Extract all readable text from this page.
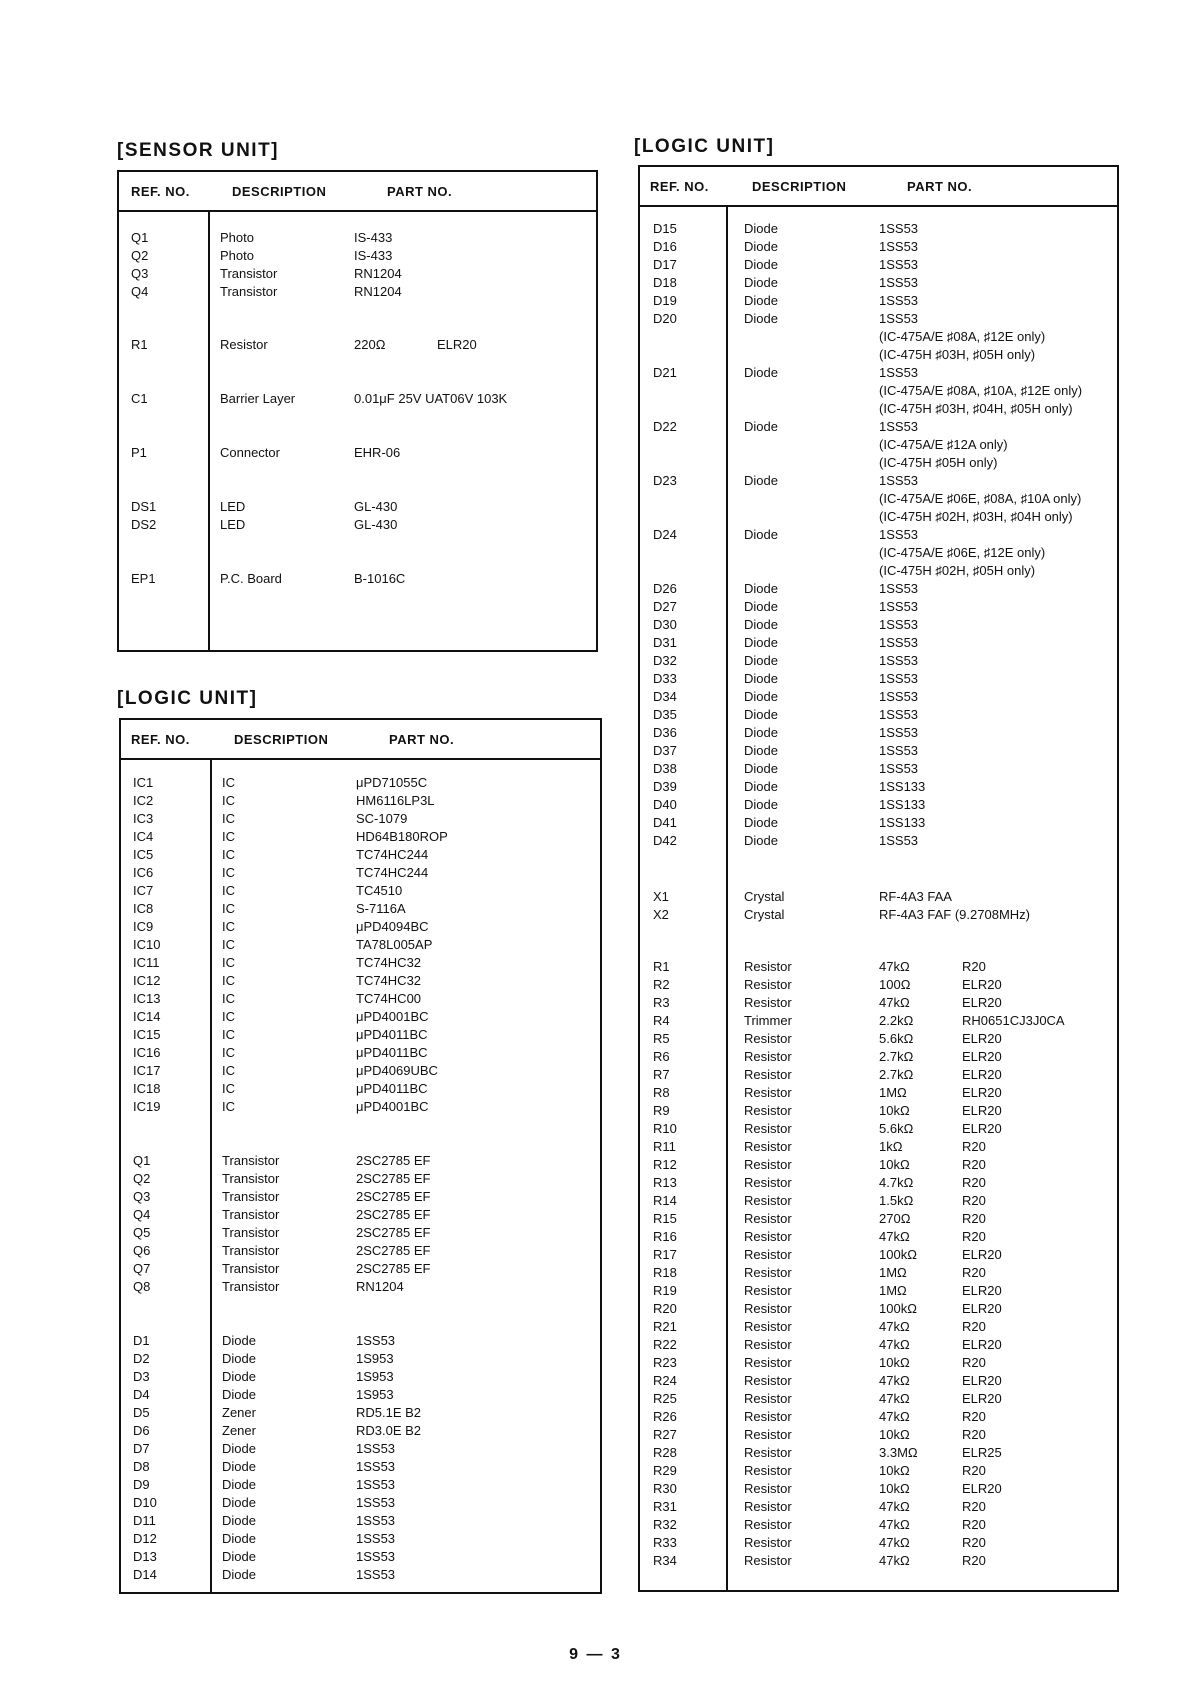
[SENSOR UNIT]
REF. NO.	DESCRIPTION	PART NO.
Q1	Photo	IS-433
Q2	Photo	IS-433
Q3	Transistor	RN1204
Q4	Transistor	RN1204
R1	Resistor	220Ω	ELR20
C1	Barrier Layer	0.01μF 25V UAT06V 103K
P1	Connector	EHR-06
DS1	LED	GL-430
DS2	LED	GL-430
EP1	P.C. Board	B-1016C
[LOGIC UNIT]
REF. NO.	DESCRIPTION	PART NO.
IC1	IC	μPD71055C
IC2	IC	HM6116LP3L
IC3	IC	SC-1079
IC4	IC	HD64B180ROP
IC5	IC	TC74HC244
IC6	IC	TC74HC244
IC7	IC	TC4510
IC8	IC	S-7116A
IC9	IC	μPD4094BC
IC10	IC	TA78L005AP
IC11	IC	TC74HC32
IC12	IC	TC74HC32
IC13	IC	TC74HC00
IC14	IC	μPD4001BC
IC15	IC	μPD4011BC
IC16	IC	μPD4011BC
IC17	IC	μPD4069UBC
IC18	IC	μPD4011BC
IC19	IC	μPD4001BC
Q1	Transistor	2SC2785 EF
Q2	Transistor	2SC2785 EF
Q3	Transistor	2SC2785 EF
Q4	Transistor	2SC2785 EF
Q5	Transistor	2SC2785 EF
Q6	Transistor	2SC2785 EF
Q7	Transistor	2SC2785 EF
Q8	Transistor	RN1204
D1	Diode	1SS53
D2	Diode	1S953
D3	Diode	1S953
D4	Diode	1S953
D5	Zener	RD5.1E B2
D6	Zener	RD3.0E B2
D7	Diode	1SS53
D8	Diode	1SS53
D9	Diode	1SS53
D10	Diode	1SS53
D11	Diode	1SS53
D12	Diode	1SS53
D13	Diode	1SS53
D14	Diode	1SS53
[LOGIC UNIT]
REF. NO.	DESCRIPTION	PART NO.
D15	Diode	1SS53
D16	Diode	1SS53
D17	Diode	1SS53
D18	Diode	1SS53
D19	Diode	1SS53
D20	Diode	1SS53
(IC-475A/E ♯08A, ♯12E only)
(IC-475H ♯03H, ♯05H only)
D21	Diode	1SS53
(IC-475A/E ♯08A, ♯10A, ♯12E only)
(IC-475H ♯03H, ♯04H, ♯05H only)
D22	Diode	1SS53
(IC-475A/E ♯12A only)
(IC-475H ♯05H only)
D23	Diode	1SS53
(IC-475A/E ♯06E, ♯08A, ♯10A only)
(IC-475H ♯02H, ♯03H, ♯04H only)
D24	Diode	1SS53
(IC-475A/E ♯06E, ♯12E only)
(IC-475H ♯02H, ♯05H only)
D26	Diode	1SS53
D27	Diode	1SS53
D30	Diode	1SS53
D31	Diode	1SS53
D32	Diode	1SS53
D33	Diode	1SS53
D34	Diode	1SS53
D35	Diode	1SS53
D36	Diode	1SS53
D37	Diode	1SS53
D38	Diode	1SS53
D39	Diode	1SS133
D40	Diode	1SS133
D41	Diode	1SS133
D42	Diode	1SS53
X1	Crystal	RF-4A3 FAA
X2	Crystal	RF-4A3 FAF (9.2708MHz)
R1	Resistor	47kΩ	R20
R2	Resistor	100Ω	ELR20
R3	Resistor	47kΩ	ELR20
R4	Trimmer	2.2kΩ	RH0651CJ3J0CA
R5	Resistor	5.6kΩ	ELR20
R6	Resistor	2.7kΩ	ELR20
R7	Resistor	2.7kΩ	ELR20
R8	Resistor	1MΩ	ELR20
R9	Resistor	10kΩ	ELR20
R10	Resistor	5.6kΩ	ELR20
R11	Resistor	1kΩ	R20
R12	Resistor	10kΩ	R20
R13	Resistor	4.7kΩ	R20
R14	Resistor	1.5kΩ	R20
R15	Resistor	270Ω	R20
R16	Resistor	47kΩ	R20
R17	Resistor	100kΩ	ELR20
R18	Resistor	1MΩ	R20
R19	Resistor	1MΩ	ELR20
R20	Resistor	100kΩ	ELR20
R21	Resistor	47kΩ	R20
R22	Resistor	47kΩ	ELR20
R23	Resistor	10kΩ	R20
R24	Resistor	47kΩ	ELR20
R25	Resistor	47kΩ	ELR20
R26	Resistor	47kΩ	R20
R27	Resistor	10kΩ	R20
R28	Resistor	3.3MΩ	ELR25
R29	Resistor	10kΩ	R20
R30	Resistor	10kΩ	ELR20
R31	Resistor	47kΩ	R20
R32	Resistor	47kΩ	R20
R33	Resistor	47kΩ	R20
R34	Resistor	47kΩ	R20
9 — 3
